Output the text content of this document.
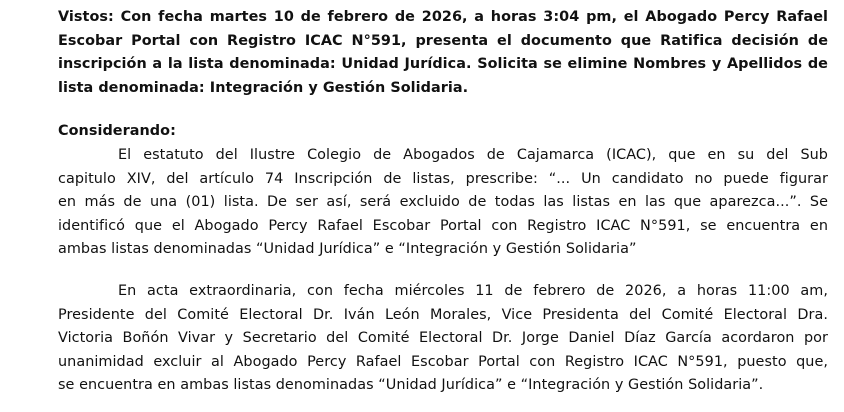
Vistos: Con fecha martes 10 de febrero de 2026, a horas 3:04 pm, el Abogado Percy Rafael
Escobar Portal con Registro ICAC N°591, presenta el documento que Ratifica decisión de
inscripción a la lista denominada: Unidad Jurídica. Solicita se elimine Nombres y Apellidos de
lista denominada: Integración y Gestión Solidaria.
Considerando:
El estatuto del Ilustre Colegio de Abogados de Cajamarca (ICAC), que en su del Sub
capitulo XIV, del artículo 74 Inscripción de listas, prescribe: “... Un candidato no puede figurar
en más de una (01) lista. De ser así, será excluido de todas las listas en las que aparezca...”. Se
identificó que el Abogado Percy Rafael Escobar Portal con Registro ICAC N°591, se encuentra en
ambas listas denominadas “Unidad Jurídica” e “Integración y Gestión Solidaria”
En acta extraordinaria, con fecha miércoles 11 de febrero de 2026, a horas 11:00 am,
Presidente del Comité Electoral Dr. Iván León Morales, Vice Presidenta del Comité Electoral Dra.
Victoria Boñón Vivar y Secretario del Comité Electoral Dr. Jorge Daniel Díaz García acordaron por
unanimidad excluir al Abogado Percy Rafael Escobar Portal con Registro ICAC N°591, puesto que,
se encuentra en ambas listas denominadas “Unidad Jurídica” e “Integración y Gestión Solidaria”.
